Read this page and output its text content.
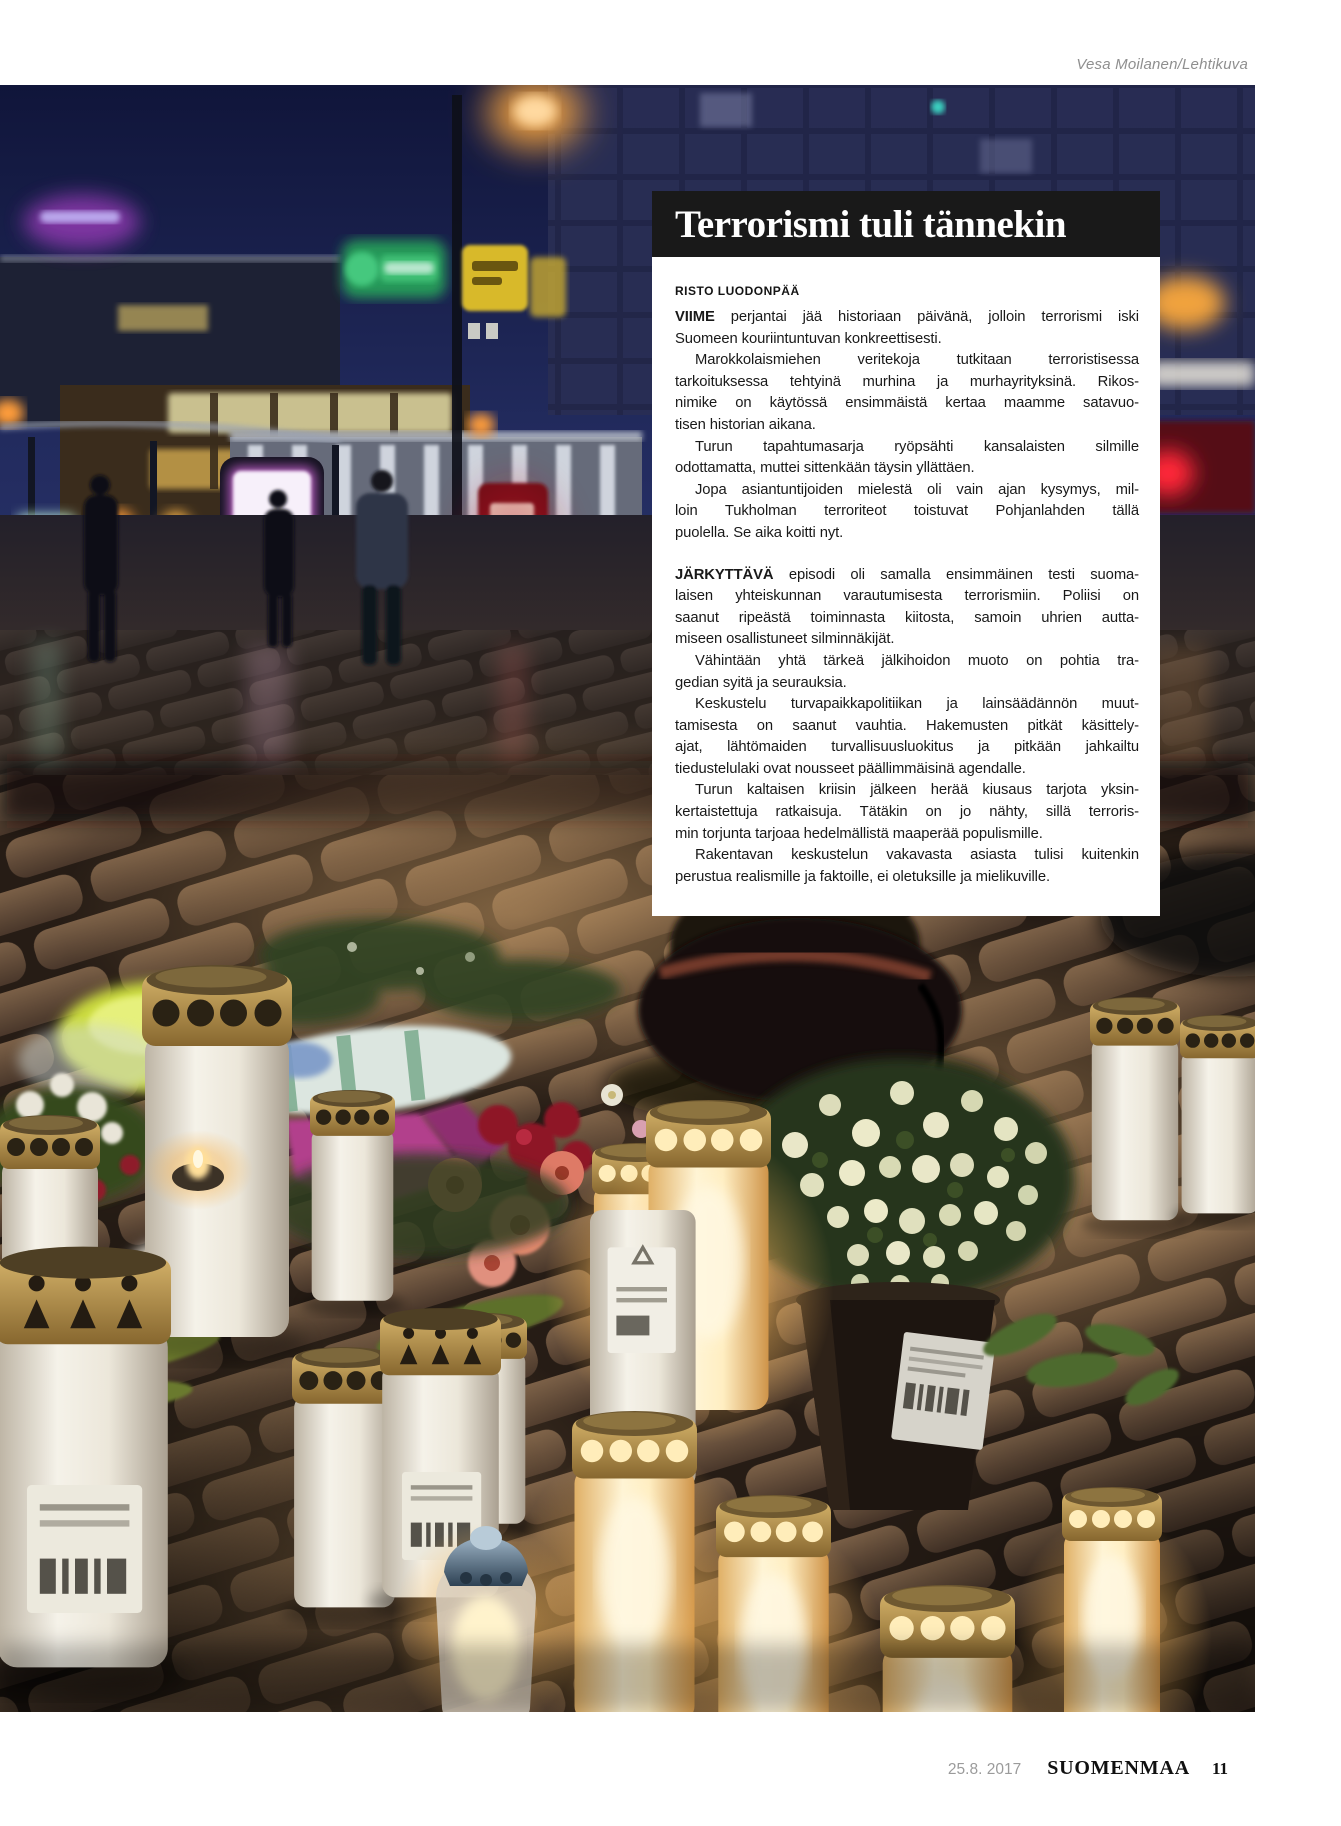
Vesa Moilanen/Lehtikuva
Terrorismi tuli tännekin

RISTO LUODONPÄÄ

VIIME perjantai jää historiaan päivänä, jolloin terrorismi iski
Suomeen kouriintuntuvan konkreettisesti.
Marokkolaismiehen veritekoja tutkitaan terroristisessa
tarkoituksessa tehtyinä murhina ja murhayrityksinä. Rikos-
nimike on käytössä ensimmäistä kertaa maamme satavuo-
tisen historian aikana.
Turun tapahtumasarja ryöpsähti kansalaisten silmille
odottamatta, muttei sittenkään täysin yllättäen.
Jopa asiantuntijoiden mielestä oli vain ajan kysymys, mil-
loin Tukholman terroriteot toistuvat Pohjanlahden tällä
puolella. Se aika koitti nyt.
JÄRKYTTÄVÄ episodi oli samalla ensimmäinen testi suoma-
laisen yhteiskunnan varautumisesta terrorismiin. Poliisi on
saanut ripeästä toiminnasta kiitosta, samoin uhrien autta-
miseen osallistuneet silminnäkijät.
Vähintään yhtä tärkeä jälkihoidon muoto on pohtia tra-
gedian syitä ja seurauksia.
Keskustelu turvapaikkapolitiikan ja lainsäädännön muut-
tamisesta on saanut vauhtia. Hakemusten pitkät käsittely-
ajat, lähtömaiden turvallisuusluokitus ja pitkään jahkailtu
tiedustelulaki ovat nousseet päällimmäisinä agendalle.
Turun kaltaisen kriisin jälkeen herää kiusaus tarjota yksin-
kertaistettuja ratkaisuja. Tätäkin on jo nähty, sillä terroris-
min torjunta tarjoaa hedelmällistä maaperää populismille.
Rakentavan keskustelun vakavasta asiasta tulisi kuitenkin
perustua realismille ja faktoille, ei oletuksille ja mielikuville.
25.8. 2017 SUOMENMAA 11
